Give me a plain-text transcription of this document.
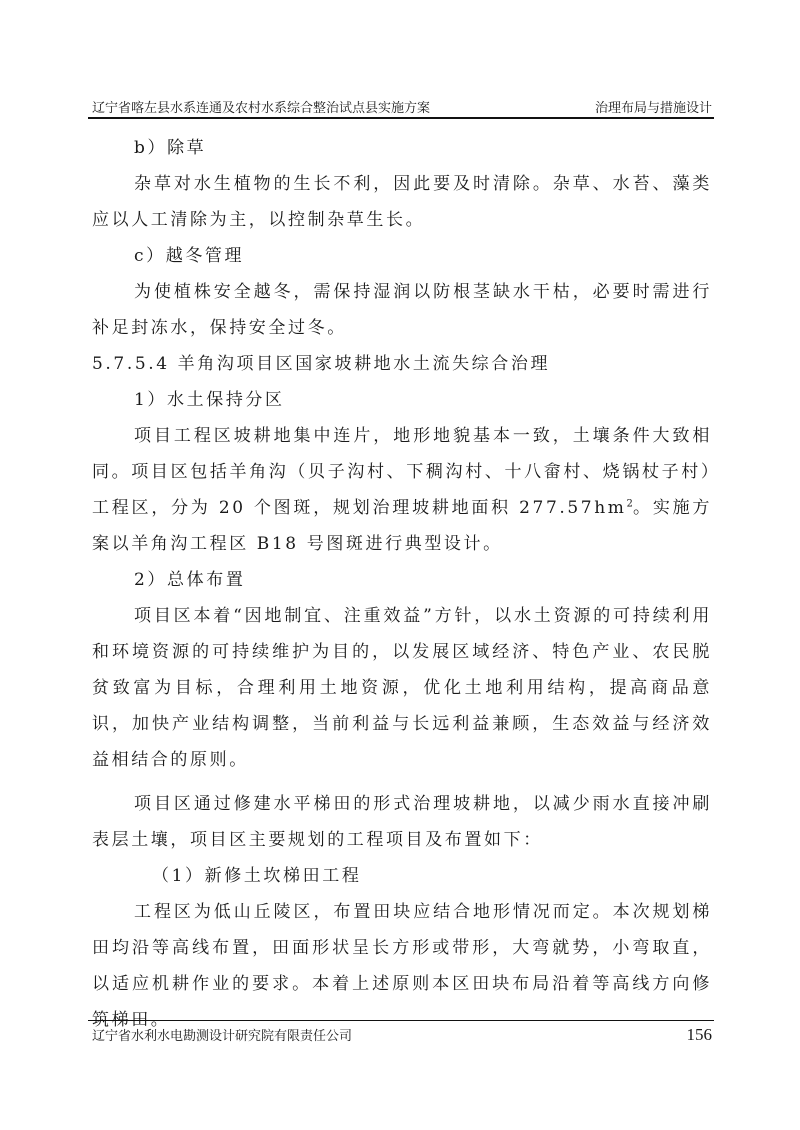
辽宁省喀左县水系连通及农村水系综合整治试点县实施方案	治理布局与措施设计

b）除草

杂草对水生植物的生长不利，因此要及时清除。杂草、水苔、藻类应以人工清除为主，以控制杂草生长。

c）越冬管理

为使植株安全越冬，需保持湿润以防根茎缺水干枯，必要时需进行补足封冻水，保持安全过冬。

5.7.5.4 羊角沟项目区国家坡耕地水土流失综合治理

1）水土保持分区

项目工程区坡耕地集中连片，地形地貌基本一致，土壤条件大致相同。项目区包括羊角沟（贝子沟村、下稠沟村、十八畲村、烧锅杖子村）工程区，分为 20 个图斑，规划治理坡耕地面积 $277.57hm^2$。实施方案以羊角沟工程区 B18 号图斑进行典型设计。

2）总体布置

项目区本着“因地制宜、注重效益”方针，以水土资源的可持续利用和环境资源的可持续维护为目的，以发展区域经济、特色产业、农民脱贫致富为目标，合理利用土地资源，优化土地利用结构，提高商品意识，加快产业结构调整，当前利益与长远利益兼顾，生态效益与经济效益相结合的原则。

项目区通过修建水平梯田的形式治理坡耕地，以减少雨水直接冲刷表层土壤，项目区主要规划的工程项目及布置如下：

（1）新修土坎梯田工程

工程区为低山丘陵区，布置田块应结合地形情况而定。本次规划梯田均沿等高线布置，田面形状呈长方形或带形，大弯就势，小弯取直，以适应机耕作业的要求。本着上述原则本区田块布局沿着等高线方向修筑梯田。

辽宁省水利水电勘测设计研究院有限责任公司	156
